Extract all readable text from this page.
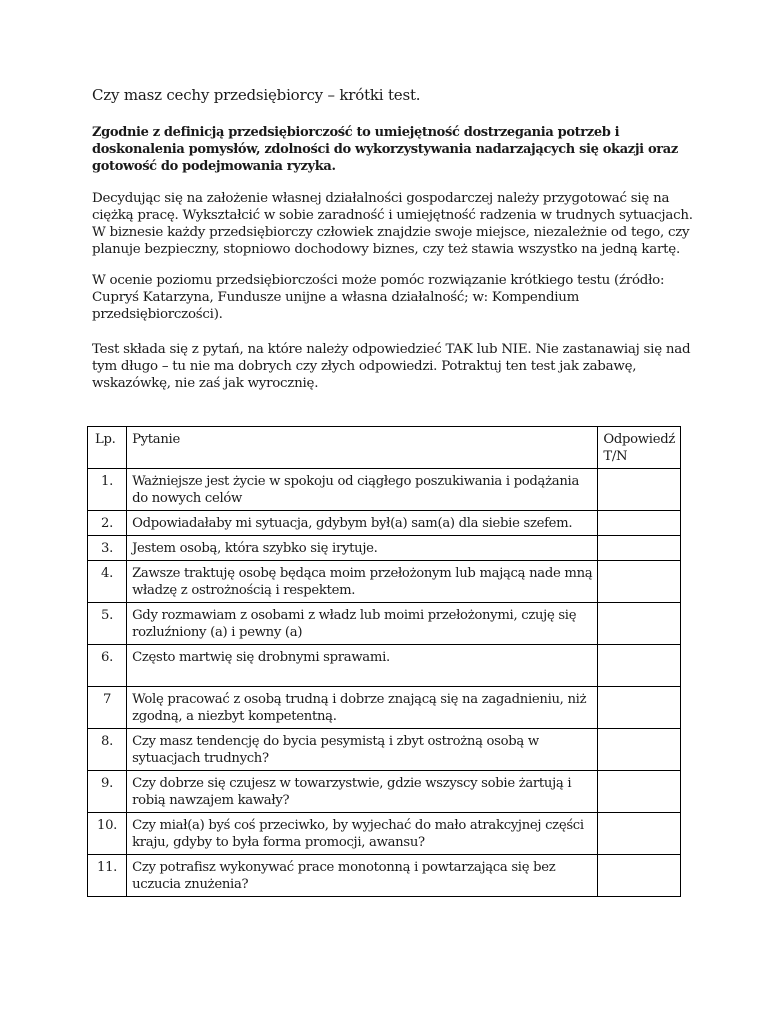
Czy masz cechy przedsiębiorcy – krótki test.
Zgodnie z definicją przedsiębiorczość to umiejętność dostrzegania potrzeb i
doskonalenia pomysłów, zdolności do wykorzystywania nadarzających się okazji oraz
gotowość do podejmowania ryzyka.
Decydując się na założenie własnej działalności gospodarczej należy przygotować się na
ciężką pracę. Wykształcić w sobie zaradność i umiejętność radzenia w trudnych sytuacjach.
W biznesie każdy przedsiębiorczy człowiek znajdzie swoje miejsce, niezależnie od tego, czy
planuje bezpieczny, stopniowo dochodowy biznes, czy też stawia wszystko na jedną kartę.
W ocenie poziomu przedsiębiorczości może pomóc rozwiązanie krótkiego testu (źródło:
Cupryś Katarzyna, Fundusze unijne a własna działalność; w: Kompendium
przedsiębiorczości).
Test składa się z pytań, na które należy odpowiedzieć TAK lub NIE. Nie zastanawiaj się nad
tym długo – tu nie ma dobrych czy złych odpowiedzi. Potraktuj ten test jak zabawę,
wskazówkę, nie zaś jak wyrocznię.
Lp.	Pytanie	Odpowiedź T/N
1.	Ważniejsze jest życie w spokoju od ciągłego poszukiwania i podążania
do nowych celów	

2.	Odpowiadałaby mi sytuacja, gdybym był(a) sam(a) dla siebie szefem.	

3.	Jestem osobą, która szybko się irytuje.	

4.	Zawsze traktuję osobę będąca moim przełożonym lub mającą nade mną
władzę z ostrożnością i respektem.	

5.	Gdy rozmawiam z osobami z władz lub moimi przełożonymi, czuję się
rozluźniony (a) i pewny (a)	

6.	Często martwię się drobnymi sprawami.	

7	Wolę pracować z osobą trudną i dobrze znającą się na zagadnieniu, niż
zgodną, a niezbyt kompetentną.	

8.	Czy masz tendencję do bycia pesymistą i zbyt ostrożną osobą w
sytuacjach trudnych?	

9.	Czy dobrze się czujesz w towarzystwie, gdzie wszyscy sobie żartują i
robią nawzajem kawały?	

10.	Czy miał(a) byś coś przeciwko, by wyjechać do mało atrakcyjnej części
kraju, gdyby to była forma promocji, awansu?	

11.	Czy potrafisz wykonywać prace monotonną i powtarzająca się bez
uczucia znużenia?	
